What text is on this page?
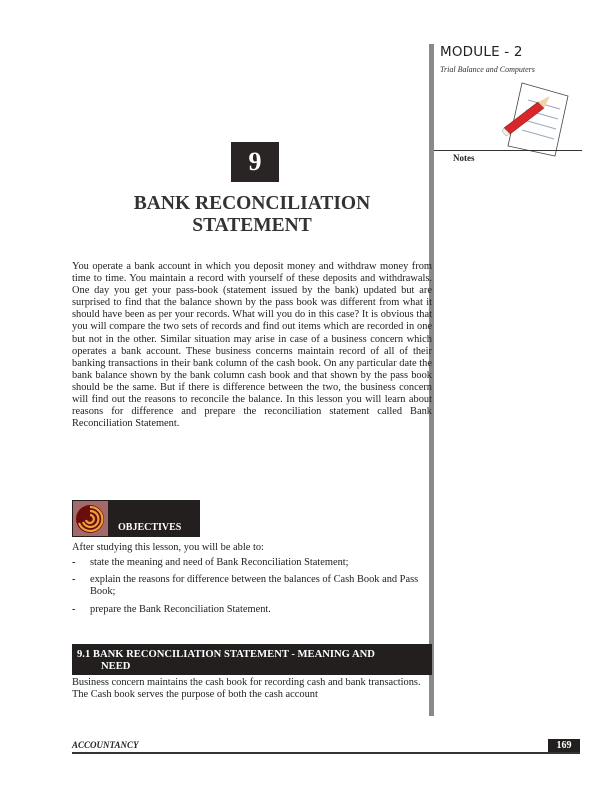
MODULE - 2
Trial Balance and Computers
Notes
9
BANK RECONCILIATION
STATEMENT
You operate a bank account in which you deposit money and withdraw money from time to time. You maintain a record with yourself of these deposits and withdrawals. One day you get your pass-book (statement issued by the bank) updated but are surprised to find that the balance shown by the pass book was different from what it should have been as per your records. What will you do in this case? It is obvious that you will compare the two sets of records and find out items which are recorded in one but not in the other. Similar situation may arise in case of a business concern which operates a bank account. These business concerns maintain record of all of their banking transactions in their bank column of the cash book. On any particular date the bank balance shown by the bank column cash book and that shown by the pass book should be the same. But if there is difference between the two, the business concern will find out the reasons to reconcile the balance. In this lesson you will learn about reasons for difference and prepare the reconciliation statement called Bank Reconciliation Statement.
OBJECTIVES
After studying this lesson, you will be able to:
-	state the meaning and need of Bank Reconciliation Statement;
-	explain the reasons for difference between the balances of Cash Book and Pass Book;
-	prepare the Bank Reconciliation Statement.
9.1 BANK RECONCILIATION STATEMENT - MEANING AND
NEED
Business concern maintains the cash book for recording cash and bank transactions. The Cash book serves the purpose of both the cash account
ACCOUNTANCY	169
